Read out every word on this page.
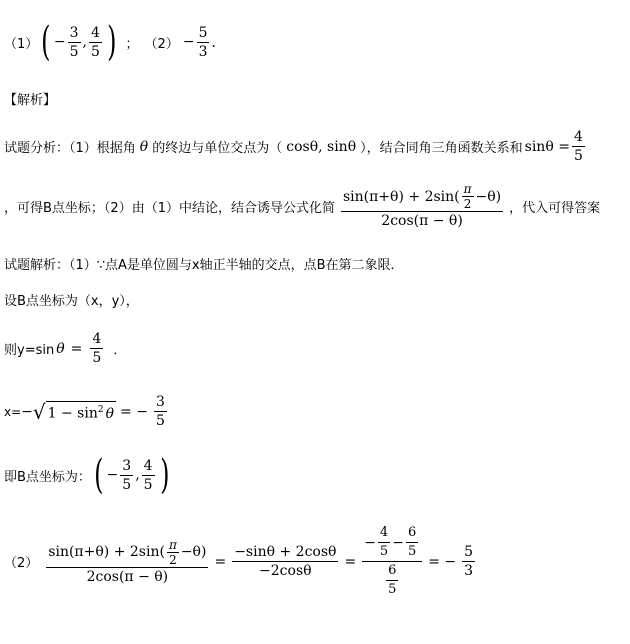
（1） ( − $\frac{3}{5}$ , $\frac{4}{5}$ ) ； $(2) - \frac{5}{3}$ ．
【解析】
试题分析：（1）根据角 θ 的终边与单位交点为（ cosθ, sinθ ），结合同角三角函数关系和 $\sin\theta = \frac{4}{5}$
，可得B点坐标；（2）由（1）中结论，结合诱导公式化简 $\frac{\sin(\pi+\theta) + 2\sin( \frac{\pi}{2} -\theta)}{2\cos(\pi - \theta)}$ ，代入可得答案
试题解析：（1）∵点A是单位圆与x轴正半轴的交点，点B在第二象限．
设B点坐标为（x，y），
则y=sin $\theta = \frac{4}{5}$ ．
x= − √ $1 - \sin^2 \theta$ = − $\frac{3}{5}$
即B点坐标为： ( − $\frac{3}{5}$ , $\frac{4}{5}$ )
$(2) \frac{\sin(\pi+\theta) + 2\sin( \frac{\pi}{2} -\theta)}{2\cos(\pi - \theta)} = \frac{-\sin\theta + 2\cos\theta}{-2\cos\theta}$ =
− $\frac{4}{5} - \frac{6}{5}$
$\frac{6}{5}$
= − $\frac{5}{3}$
